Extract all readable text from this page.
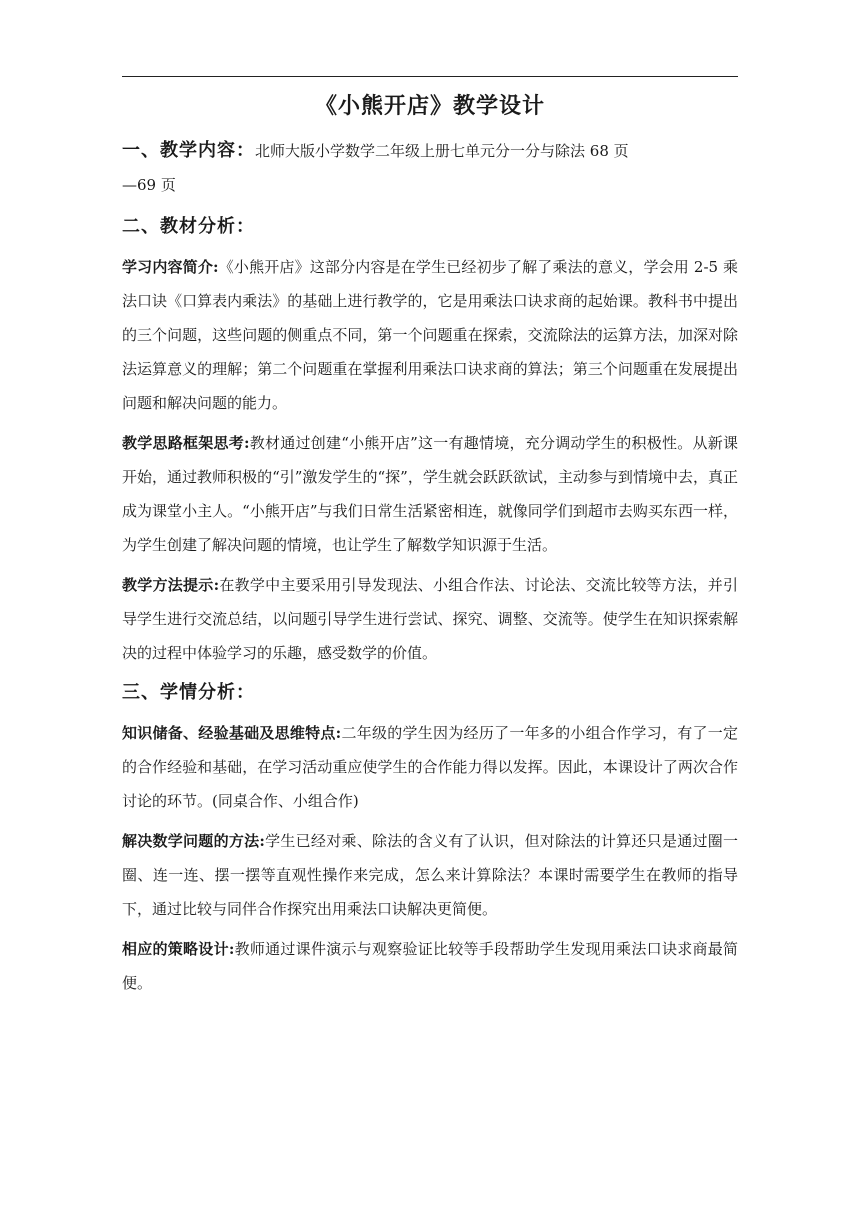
《小熊开店》教学设计
一、教学内容：北师大版小学数学二年级上册七单元分一分与除法 68 页
—69 页
二、教材分析：

学习内容简介:《小熊开店》这部分内容是在学生已经初步了解了乘法的意义，学会用 2-5 乘法口诀《口算表内乘法》的基础上进行教学的，它是用乘法口诀求商的起始课。教科书中提出的三个问题，这些问题的侧重点不同，第一个问题重在探索，交流除法的运算方法，加深对除法运算意义的理解；第二个问题重在掌握利用乘法口诀求商的算法；第三个问题重在发展提出问题和解决问题的能力。

教学思路框架思考:教材通过创建“小熊开店”这一有趣情境，充分调动学生的积极性。从新课开始，通过教师积极的“引”激发学生的“探”，学生就会跃跃欲试，主动参与到情境中去，真正成为课堂小主人。“小熊开店”与我们日常生活紧密相连，就像同学们到超市去购买东西一样，为学生创建了解决问题的情境，也让学生了解数学知识源于生活。

教学方法提示:在教学中主要采用引导发现法、小组合作法、讨论法、交流比较等方法，并引导学生进行交流总结，以问题引导学生进行尝试、探究、调整、交流等。使学生在知识探索解决的过程中体验学习的乐趣，感受数学的价值。

三、学情分析：

知识储备、经验基础及思维特点:二年级的学生因为经历了一年多的小组合作学习，有了一定的合作经验和基础，在学习活动重应使学生的合作能力得以发挥。因此，本课设计了两次合作讨论的环节。(同桌合作、小组合作)

解决数学问题的方法:学生已经对乘、除法的含义有了认识，但对除法的计算还只是通过圈一圈、连一连、摆一摆等直观性操作来完成，怎么来计算除法？本课时需要学生在教师的指导下，通过比较与同伴合作探究出用乘法口诀解决更简便。

相应的策略设计:教师通过课件演示与观察验证比较等手段帮助学生发现用乘法口诀求商最简便。
